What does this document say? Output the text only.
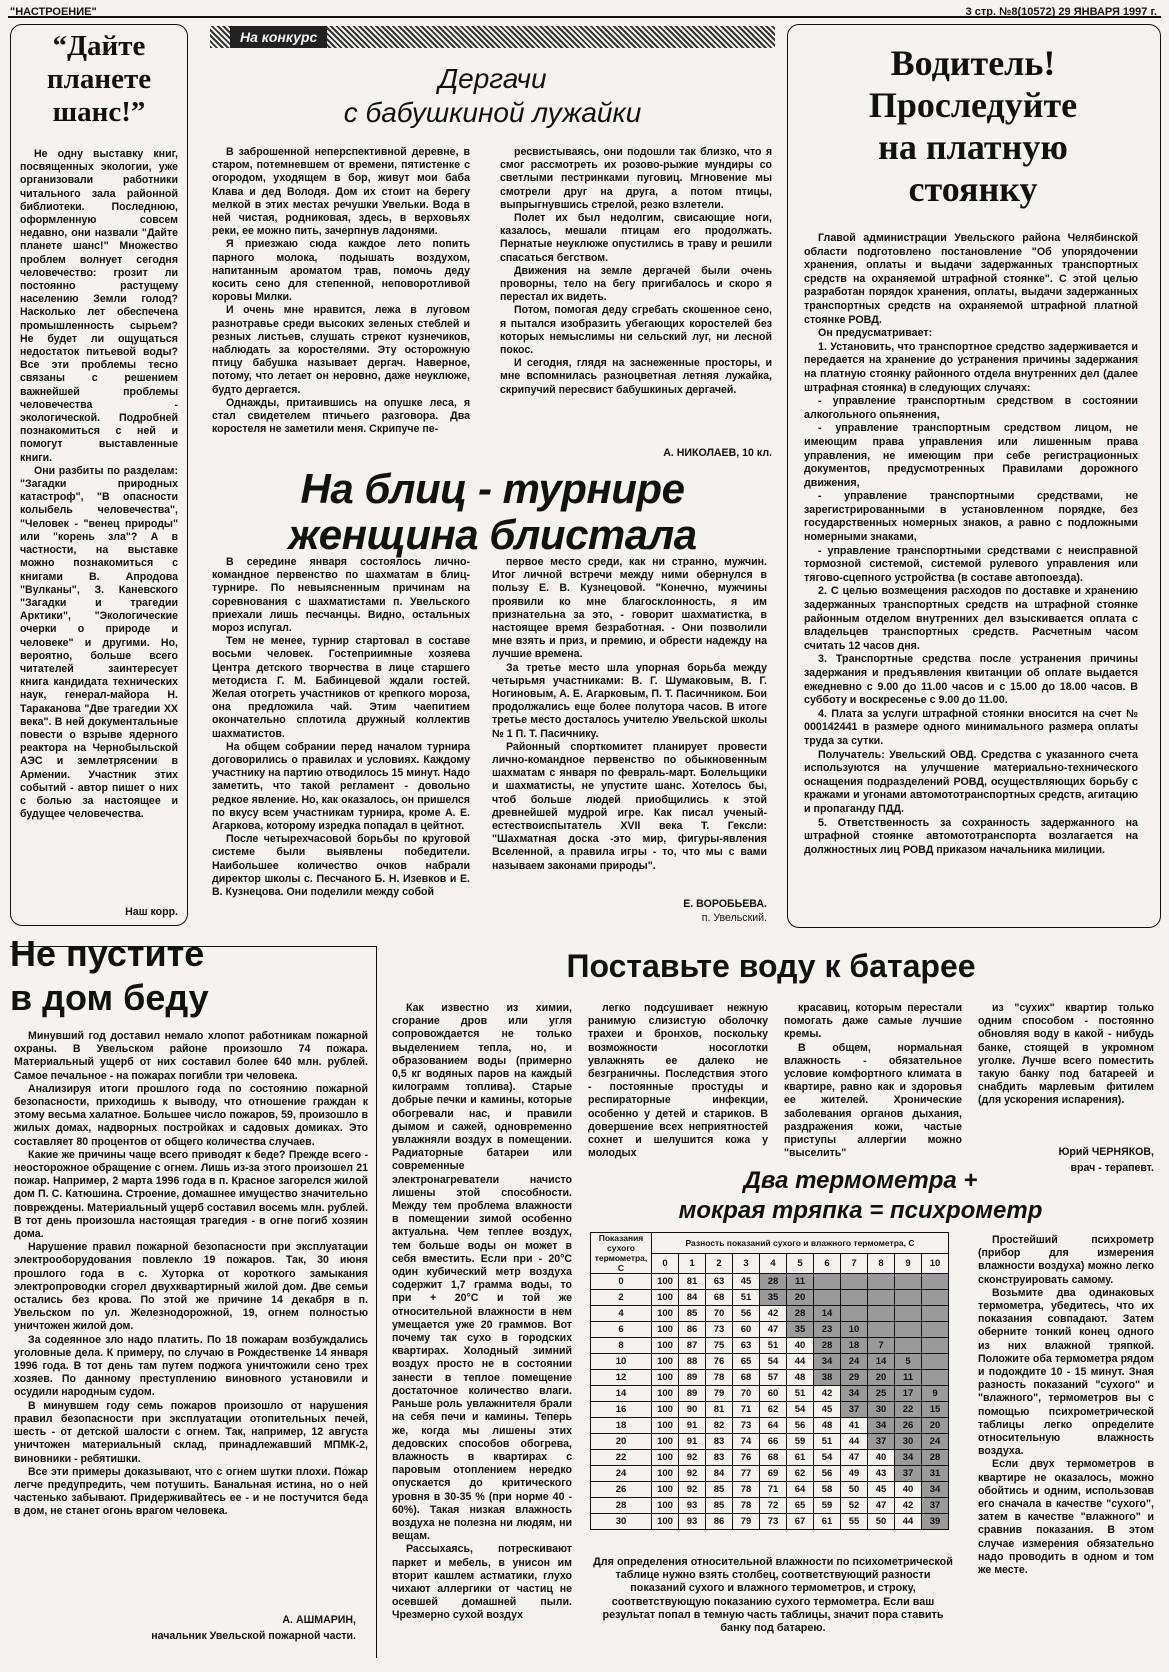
"НАСТРОЕНИЕ"	3 стр. №8(10572) 29 ЯНВАРЯ 1997 г.
“Дайте планете шанс!”

Не одну выставку книг, посвященных экологии, уже организовали работники читального зала районной библиотеки. Последнюю, оформленную совсем недавно, они назвали "Дайте планете шанс!" Множество проблем волнует сегодня человечество: грозит ли постоянно растущему населению Земли голод? Насколько лет обеспечена промышленность сырьем? Не будет ли ощущаться недостаток питьевой воды? Все эти проблемы тесно связаны с решением важнейшей проблемы человечества - экологической. Подробней познакомиться с ней и помогут выставленные книги.

Они разбиты по разделам: "Загадки природных катастроф", "В опасности колыбель человечества", "Человек - "венец природы" или "корень зла"? А в частности, на выставке можно познакомиться с книгами В. Апродова "Вулканы", З. Каневского "Загадки и трагедии Арктики", "Экологические очерки о природе и человеке" и другими. Но, вероятно, больше всего читателей заинтересует книга кандидата технических наук, генерал-майора Н. Тараканова "Две трагедии XX века". В ней документальные повести о взрыве ядерного реактора на Чернобыльской АЭС и землетрясении в Армении. Участник этих событий - автор пишет о них с болью за настоящее и будущее человечества.

Наш корр.
На конкурс
Дергачи
с бабушкиной лужайки

В заброшенной неперспективной деревне, в старом, потемневшем от времени, пятистенке с огородом, уходящем в бор, живут мои баба Клава и дед Володя. Дом их стоит на берегу мелкой в этих местах речушки Увельки. Вода в ней чистая, родниковая, здесь, в верховьях реки, ее можно пить, зачерпнув ладонями.

Я приезжаю сюда каждое лето попить парного молока, подышать воздухом, напитанным ароматом трав, помочь деду косить сено для степенной, неповоротливой коровы Милки.

И очень мне нравится, лежа в луговом разнотравье среди высоких зеленых стеблей и резных листьев, слушать стрекот кузнечиков, наблюдать за коростелями. Эту осторожную птицу бабушка называет дергач. Наверное, потому, что летает он неровно, даже неуклюже, будто дергается.

Однажды, притаившись на опушке леса, я стал свидетелем птичьего разговора. Два коростеля не заметили меня. Скрипуче пе-

ресвистываясь, они подошли так близко, что я смог рассмотреть их розово-рыжие мундиры со светлыми пестринками пуговиц. Мгновение мы смотрели друг на друга, а потом птицы, выпрыгнувшись стрелой, резко взлетели.

Полет их был недолгим, свисающие ноги, казалось, мешали птицам его продолжать. Пернатые неуклюже опустились в траву и решили спасаться бегством.

Движения на земле дергачей были очень проворны, тело на бегу пригибалось и скоро я перестал их видеть.

Потом, помогая деду сгребать скошенное сено, я пытался изобразить убегающих коростелей без которых немыслимы ни сельский луг, ни лесной покос.

И сегодня, глядя на заснеженные просторы, и мне вспомнилась разноцветная летняя лужайка, скрипучий пересвист бабушкиных дергачей.

А. НИКОЛАЕВ, 10 кл.
На блиц - турнире
женщина блистала

В середине января состоялось лично-командное первенство по шахматам в блиц-турнире. По невыясненным причинам на соревнования с шахматистами п. Увельского приехали лишь песчанцы. Видно, остальных мороз испугал.

Тем не менее, турнир стартовал в составе восьми человек. Гостеприимные хозяева Центра детского творчества в лице старшего методиста Г. М. Бабинцевой ждали гостей. Желая отогреть участников от крепкого мороза, она предложила чай. Этим чаепитием окончательно сплотила дружный коллектив шахматистов.

На общем собрании перед началом турнира договорились о правилах и условиях. Каждому участнику на партию отводилось 15 минут. Надо заметить, что такой регламент - довольно редкое явление. Но, как оказалось, он пришелся по вкусу всем участникам турнира, кроме А. Е. Агаркова, которому изредка попадал в цейтнот.

После четырехчасовой борьбы по круговой системе были выявлены победители. Наибольшее количество очков набрали директор школы с. Песчаного Б. Н. Изевков и Е. В. Кузнецова. Они поделили между собой

первое место среди, как ни странно, мужчин. Итог личной встречи между ними обернулся в пользу Е. В. Кузнецовой. "Конечно, мужчины проявили ко мне благосклонность, я им признательна за это, - говорит шахматистка, в настоящее время безработная. - Они позволили мне взять и приз, и премию, и обрести надежду на лучшие времена.

За третье место шла упорная борьба между четырьмя участниками: В. Г. Шумаковым, В. Г. Ногиновым, А. Е. Агарковым, П. Т. Пасичником. Бои продолжались еще более полутора часов. В итоге третье место досталось учителю Увельской школы № 1 П. Т. Пасичнику.

Районный спорткомитет планирует провести лично-командное первенство по обыкновенным шахматам с января по февраль-март. Болельщики и шахматисты, не упустите шанс. Хотелось бы, чтоб больше людей приобщились к этой древнейшей мудрой игре. Как писал ученый-естествоиспытатель XVII века Т. Гексли: "Шахматная доска -это мир, фигуры-явления Вселенной, а правила игры - то, что мы с вами называем законами природы".

Е. ВОРОБЬЕВА.
п. Увельский.
Водитель!
Проследуйте
на платную
стоянку

Главой администрации Увельского района Челябинской области подготовлено постановление "Об упорядочении хранения, оплаты и выдачи задержанных транспортных средств на охраняемой штрафной стоянке". С этой целью разработан порядок хранения, оплаты, выдачи задержанных транспортных средств на охраняемой штрафной платной стоянке РОВД.

Он предусматривает:

1. Установить, что транспортное средство задерживается и передается на хранение до устранения причины задержания на платную стоянку районного отдела внутренних дел (далее штрафная стоянка) в следующих случаях:

- управление транспортным средством в состоянии алкогольного опьянения,

- управление транспортным средством лицом, не имеющим права управления или лишенным права управления, не имеющим при себе регистрационных документов, предусмотренных Правилами дорожного движения,

- управление транспортными средствами, не зарегистрированными в установленном порядке, без государственных номерных знаков, а равно с подложными номерными знаками,

- управление транспортными средствами с неисправной тормозной системой, системой рулевого управления или тягово-сцепного устройства (в составе автопоезда).

2. С целью возмещения расходов по доставке и хранению задержанных транспортных средств на штрафной стоянке районным отделом внутренних дел взыскивается оплата с владельцев транспортных средств. Расчетным часом считать 12 часов дня.

3. Транспортные средства после устранения причины задержания и предъявления квитанции об оплате выдается ежедневно с 9.00 до 11.00 часов и с 15.00 до 18.00 часов. В субботу и воскресенье с 9.00 до 11.00.

4. Плата за услуги штрафной стоянки вносится на счет № 000142441 в размере одного минимального размера оплаты труда за сутки.

Получатель: Увельский ОВД. Средства с указанного счета используются на улучшение материально-технического оснащения подразделений РОВД, осуществляющих борьбу с кражами и угонами автомототранспортных средств, агитацию и пропаганду ПДД.

5. Ответственность за сохранность задержанного на штрафной стоянке автомототранспорта возлагается на должностных лиц РОВД приказом начальника милиции.

Не пустите
в дом беду

Минувший год доставил немало хлопот работникам пожарной охраны. В Увельском районе произошло 74 пожара. Материальный ущерб от них составил более 640 млн. рублей. Самое печальное - на пожарах погибли три человека.

Анализируя итоги прошлого года по состоянию пожарной безопасности, приходишь к выводу, что отношение граждан к этому весьма халатное. Большее число пожаров, 59, произошло в жилых домах, надворных постройках и садовых домиках. Это составляет 80 процентов от общего количества случаев.

Какие же причины чаще всего приводят к беде? Прежде всего - неосторожное обращение с огнем. Лишь из-за этого произошел 21 пожар. Например, 2 марта 1996 года в п. Красное загорелся жилой дом П. С. Катюшина. Строение, домашнее имущество значительно повреждены. Материальный ущерб составил восемь млн. рублей. В тот день произошла настоящая трагедия - в огне погиб хозяин дома.

Нарушение правил пожарной безопасности при эксплуатации электрооборудования повлекло 19 пожаров. Так, 30 июня прошлого года в с. Хуторка от короткого замыкания электропроводки сгорел двухквартирный жилой дом. Две семьи остались без крова. По этой же причине 14 декабря в п. Увельском по ул. Железнодорожной, 19, огнем полностью уничтожен жилой дом.

За содеянное зло надо платить. По 18 пожарам возбуждались уголовные дела. К примеру, по случаю в Рождественке 14 января 1996 года. В тот день там путем поджога уничтожили сено трех хозяев. По данному преступлению виновного установили и осудили народным судом.

В минувшем году семь пожаров произошло от нарушения правил безопасности при эксплуатации отопительных печей, шесть - от детской шалости с огнем. Так, например, 12 августа уничтожен материальный склад, принадлежавший МПМК-2, виновники - ребятишки.

Все эти примеры доказывают, что с огнем шутки плохи. Пожар легче предупредить, чем потушить. Банальная истина, но о ней частенько забывают. Придерживайтесь ее - и не постучится беда в дом, не станет огонь врагом человека.

А. АШМАРИН,
начальник Увельской пожарной части.
Поставьте воду к батарее

Как известно из химии, сгорание дров или угля сопровождается не только выделением тепла, но, и образованием воды (примерно 0,5 кг водяных паров на каждый килограмм топлива). Старые добрые печки и камины, которые обогревали нас, и правили дымом и сажей, одновременно увлажняли воздух в помещении. Радиаторные батареи или современные электронагреватели начисто лишены этой способности. Между тем проблема влажности в помещении зимой особенно актуальна. Чем теплее воздух, тем больше воды он может в себя вместить. Если при - 20°С один кубический метр воздуха содержит 1,7 грамма воды, то при + 20°С и той же относительной влажности в нем умещается уже 20 граммов. Вот почему так сухо в городских квартирах. Холодный зимний воздух просто не в состоянии занести в теплое помещение достаточное количество влаги. Раньше роль увлажнителя брали на себя печи и камины. Теперь же, когда мы лишены этих дедовских способов обогрева, влажность в квартирах с паровым отоплением нередко опускается до критического уровня в 30-35 % (при норме 40 - 60%). Такая низкая влажность воздуха не полезна ни людям, ни вещам.

Рассыхаясь, потрескивают паркет и мебель, в унисон им вторит кашлем астматики, глухо чихают аллергики от частиц не осевшей домашней пыли. Чрезмерно сухой воздух

легко подсушивает нежную ранимую слизистую оболочку трахеи и бронхов, поскольку возможности носоглотки увлажнять ее далеко не безграничны. Последствия этого - постоянные простуды и респираторные инфекции, особенно у детей и стариков. В довершение всех неприятностей сохнет и шелушится кожа у молодых

красавиц, которым перестали помогать даже самые лучшие кремы.

В общем, нормальная влажность - обязательное условие комфортного климата в квартире, равно как и здоровья ее жителей. Хронические заболевания органов дыхания, раздражения кожи, частые приступы аллергии можно "выселить"

из "сухих" квартир только одним способом - постоянно обновляя воду в какой - нибудь банке, стоящей в укромном уголке. Лучше всего поместить такую банку под батареей и снабдить марлевым фитилем (для ускорения испарения).

Юрий ЧЕРНЯКОВ,
врач - терапевт.
Два термометра +
мокрая тряпка = психрометр
Показания сухого термометра, С	Разность показаний сухого и влажного термометра, С										
	0	1	2	3	4	5	6	7	8	9	10
0	100	81	63	45	28	11					
2	100	84	68	51	35	20					
4	100	85	70	56	42	28	14				
6	100	86	73	60	47	35	23	10			
8	100	87	75	63	51	40	28	18	7		
10	100	88	76	65	54	44	34	24	14	5	
12	100	89	78	68	57	48	38	29	20	11	
14	100	89	79	70	60	51	42	34	25	17	9
16	100	90	81	71	62	54	45	37	30	22	15
18	100	91	82	73	64	56	48	41	34	26	20
20	100	91	83	74	66	59	51	44	37	30	24
22	100	92	83	76	68	61	54	47	40	34	28
24	100	92	84	77	69	62	56	49	43	37	31
26	100	92	85	78	71	64	58	50	45	40	34
28	100	93	85	78	72	65	59	52	47	42	37
30	100	93	86	79	73	67	61	55	50	44	39
Для определения относительной влажности по психометрической таблице нужно взять столбец, соответствующий разности показаний сухого и влажного термометров, и строку, соответствующую показанию сухого термометра. Если ваш результат попал в темную часть таблицы, значит пора ставить банку под батарею.

Простейший психрометр (прибор для измерения влажности воздуха) можно легко сконструировать самому.

Возьмите два одинаковых термометра, убедитесь, что их показания совпадают. Затем оберните тонкий конец одного из них влажной тряпкой. Положите оба термометра рядом и подождите 10 - 15 минут. Зная разность показаний "сухого" и "влажного", термометров вы с помощью психрометрической таблицы легко определите относительную влажность воздуха.

Если двух термометров в квартире не оказалось, можно обойтись и одним, использовав его сначала в качестве "сухого", затем в качестве "влажного" и сравнив показания. В этом случае измерения обязательно надо проводить в одном и том же месте.
